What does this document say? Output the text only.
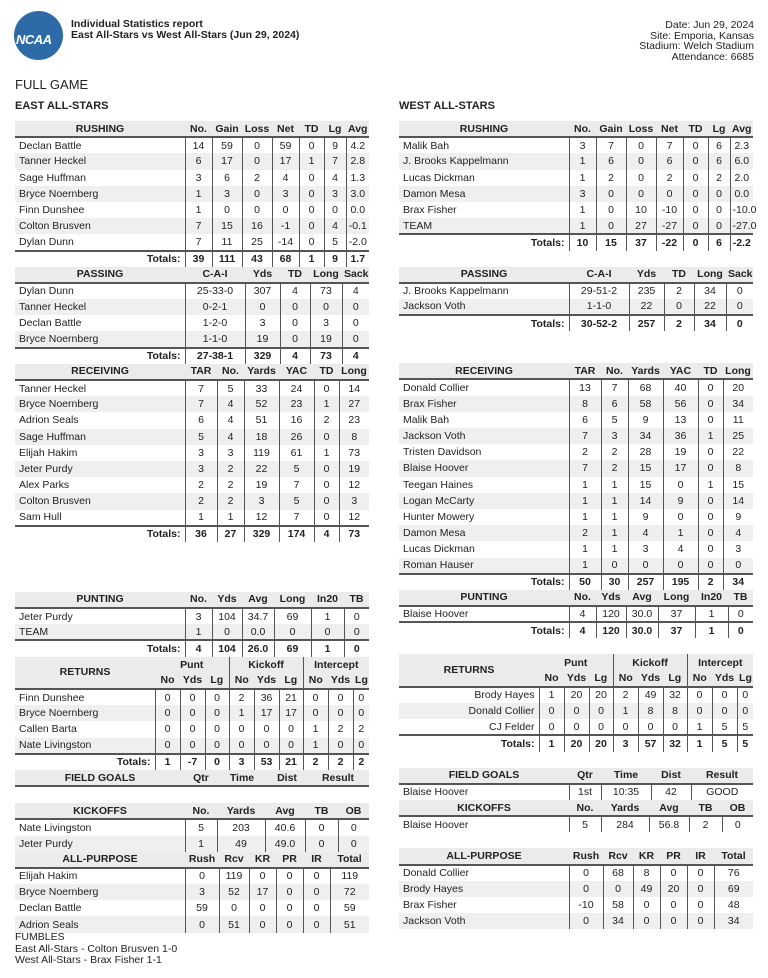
NCAA
Individual Statistics report
East All-Stars vs West All-Stars (Jun 29, 2024)
Date: Jun 29, 2024
Site: Emporia, Kansas
Stadium: Welch Stadium
Attendance: 6685
FULL GAME
EAST ALL-STARS	WEST ALL-STARS
RUSHING	No.	Gain	Loss	Net	TD	Lg	Avg
Declan Battle	14	59	0	59	0	9	4.2
Tanner Heckel	6	17	0	17	1	7	2.8
Sage Huffman	3	6	2	4	0	4	1.3
Bryce Noernberg	1	3	0	3	0	3	3.0
Finn Dunshee	1	0	0	0	0	0	0.0
Colton Brusven	7	15	16	-1	0	4	-0.1
Dylan Dunn	7	11	25	-14	0	5	-2.0
Totals:	39	111	43	68	1	9	1.7
PASSING	C-A-I	Yds	TD	Long	Sack
Dylan Dunn	25-33-0	307	4	73	4
Tanner Heckel	0-2-1	0	0	0	0
Declan Battle	1-2-0	3	0	3	0
Bryce Noernberg	1-1-0	19	0	19	0
Totals:	27-38-1	329	4	73	4
RECEIVING	TAR	No.	Yards	YAC	TD	Long
Tanner Heckel	7	5	33	24	0	14
Bryce Noernberg	7	4	52	23	1	27
Adrion Seals	6	4	51	16	2	23
Sage Huffman	5	4	18	26	0	8
Elijah Hakim	3	3	119	61	1	73
Jeter Purdy	3	2	22	5	0	19
Alex Parks	2	2	19	7	0	12
Colton Brusven	2	2	3	5	0	3
Sam Hull	1	1	12	7	0	12
Totals:	36	27	329	174	4	73
PUNTING	No.	Yds	Avg	Long	In20	TB
Jeter Purdy	3	104	34.7	69	1	0
TEAM	1	0	0.0	0	0	0
Totals:	4	104	26.0	69	1	0
RETURNS	Punt			Kickoff			Intercept		
	No	Yds	Lg	No	Yds	Lg	No	Yds	Lg
Finn Dunshee	0	0	0	2	36	21	0	0	0
Bryce Noernberg	0	0	0	1	17	17	0	0	0
Callen Barta	0	0	0	0	0	0	1	2	2
Nate Livingston	0	0	0	0	0	0	1	0	0
Totals:	1	-7	0	3	53	21	2	2	2
FIELD GOALS	Qtr	Time	Dist	Result
KICKOFFS	No.	Yards	Avg	TB	OB
Nate Livingston	5	203	40.6	0	0
Jeter Purdy	1	49	49.0	0	0
ALL-PURPOSE	Rush	Rcv	KR	PR	IR	Total
Elijah Hakim	0	119	0	0	0	119
Bryce Noernberg	3	52	17	0	0	72
Declan Battle	59	0	0	0	0	59
Adrion Seals	0	51	0	0	0	51
RUSHING	No.	Gain	Loss	Net	TD	Lg	Avg
Malik Bah	3	7	0	7	0	6	2.3
J. Brooks Kappelmann	1	6	0	6	0	6	6.0
Lucas Dickman	1	2	0	2	0	2	2.0
Damon Mesa	3	0	0	0	0	0	0.0
Brax Fisher	1	0	10	-10	0	0	-10.0
TEAM	1	0	27	-27	0	0	-27.0
Totals:	10	15	37	-22	0	6	-2.2
PASSING	C-A-I	Yds	TD	Long	Sack
J. Brooks Kappelmann	29-51-2	235	2	34	0
Jackson Voth	1-1-0	22	0	22	0
Totals:	30-52-2	257	2	34	0
RECEIVING	TAR	No.	Yards	YAC	TD	Long
Donald Collier	13	7	68	40	0	20
Brax Fisher	8	6	58	56	0	34
Malik Bah	6	5	9	13	0	11
Jackson Voth	7	3	34	36	1	25
Tristen Davidson	2	2	28	19	0	22
Blaise Hoover	7	2	15	17	0	8
Teegan Haines	1	1	15	0	1	15
Logan McCarty	1	1	14	9	0	14
Hunter Mowery	1	1	9	0	0	9
Damon Mesa	2	1	4	1	0	4
Lucas Dickman	1	1	3	4	0	3
Roman Hauser	1	0	0	0	0	0
Totals:	50	30	257	195	2	34
PUNTING	No.	Yds	Avg	Long	In20	TB
Blaise Hoover	4	120	30.0	37	1	0
Totals:	4	120	30.0	37	1	0
RETURNS	Punt			Kickoff			Intercept		
	No	Yds	Lg	No	Yds	Lg	No	Yds	Lg
Brody Hayes	1	20	20	2	49	32	0	0	0
Donald Collier	0	0	0	1	8	8	0	0	0
CJ Felder	0	0	0	0	0	0	1	5	5
Totals:	1	20	20	3	57	32	1	5	5
FIELD GOALS	Qtr	Time	Dist	Result
Blaise Hoover	1st	10:35	42	GOOD
KICKOFFS	No.	Yards	Avg	TB	OB
Blaise Hoover	5	284	56.8	2	0
ALL-PURPOSE	Rush	Rcv	KR	PR	IR	Total
Donald Collier	0	68	8	0	0	76
Brody Hayes	0	0	49	20	0	69
Brax Fisher	-10	58	0	0	0	48
Jackson Voth	0	34	0	0	0	34
FUMBLES
East All-Stars - Colton Brusven 1-0
West All-Stars - Brax Fisher 1-1
